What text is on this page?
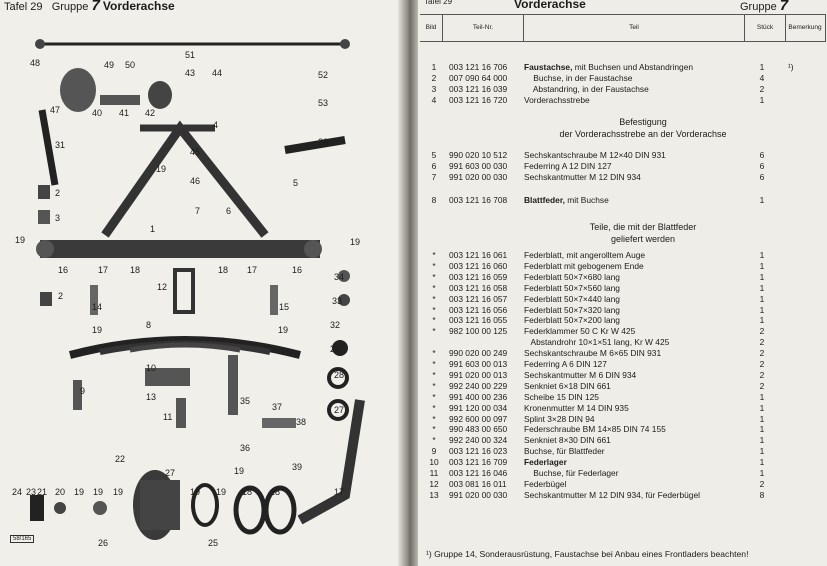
Tafel 29 Gruppe 7 Vorderachse
48
51
49 50
43 44	52
53
47	40 41 42
4
26
31
45
19
46	5
2
7	6
3
1
19	19
16	17 18	18 17	16
34
2
12
33
14	15
8
19	19	32
29
10
28
9
13	35
27
37
11	38
36
39
22
19
27
24 23 21 20 19 19 19	19 19 18 18	17
26	25
58/165
Tafel 29	Vorderachse	Gruppe 7
Bild	Teil-Nr.	Teil	Stück	Bemerkung
1	003 121 16 706 Faustachse, mit Buchsen und Abstandringen	1	¹)
2	007 090 64 000 Buchse, in der Faustachse	4
3	003 121 16 039 Abstandring, in der Faustachse	2
4	003 121 16 720 Vorderachsstrebe	1
5	990 020 10 512 Sechskantschraube M 12×40 DIN 931	6
6	991 603 00 030 Federring A 12 DIN 127	6
7	991 020 00 030 Sechskantmutter M 12 DIN 934	6
8	003 121 16 708 Blattfeder, mit Buchse	1
*	003 121 16 061 Federblatt, mit angerolltem Auge	1
*	003 121 16 060 Federblatt mit gebogenem Ende	1
*	003 121 16 059 Federblatt 50×7×680 lang	1
*	003 121 16 058 Federblatt 50×7×560 lang	1
*	003 121 16 057 Federblatt 50×7×440 lang	1
*	003 121 16 056 Federblatt 50×7×320 lang	1
*	003 121 16 055 Federblatt 50×7×200 lang	1
*	982 100 00 125 Federklammer 50 C Kr W 425	2
Abstandrohr 10×1×51 lang, Kr W 425	2
*	990 020 00 249 Sechskantschraube M 6×65 DIN 931	2
*	991 603 00 013 Federring A 6 DIN 127	2
*	991 020 00 013 Sechskantmutter M 6 DIN 934	2
*	992 240 00 229 Senkniet 6×18 DIN 661	2
*	991 400 00 236 Scheibe 15 DIN 125	1
*	991 120 00 034 Kronenmutter M 14 DIN 935	1
*	992 600 00 097 Splint 3×28 DIN 94	1
*	990 483 00 650 Federschraube BM 14×85 DIN 74 155	1
*	992 240 00 324 Senkniet 8×30 DIN 661	1
9	003 121 16 023 Buchse, für Blattfeder	1
10	003 121 16 709 Federlager	1
11	003 121 16 046 Buchse, für Federlager	1
12	003 081 16 011 Federbügel	2
13	991 020 00 030 Sechskantmutter M 12 DIN 934, für Federbügel	8
Befestigung
der Vorderachsstrebe an der Vorderachse
Teile, die mit der Blattfeder
geliefert werden
¹) Gruppe 14, Sonderausrüstung, Faustachse bei Anbau eines Frontladers beachten!
